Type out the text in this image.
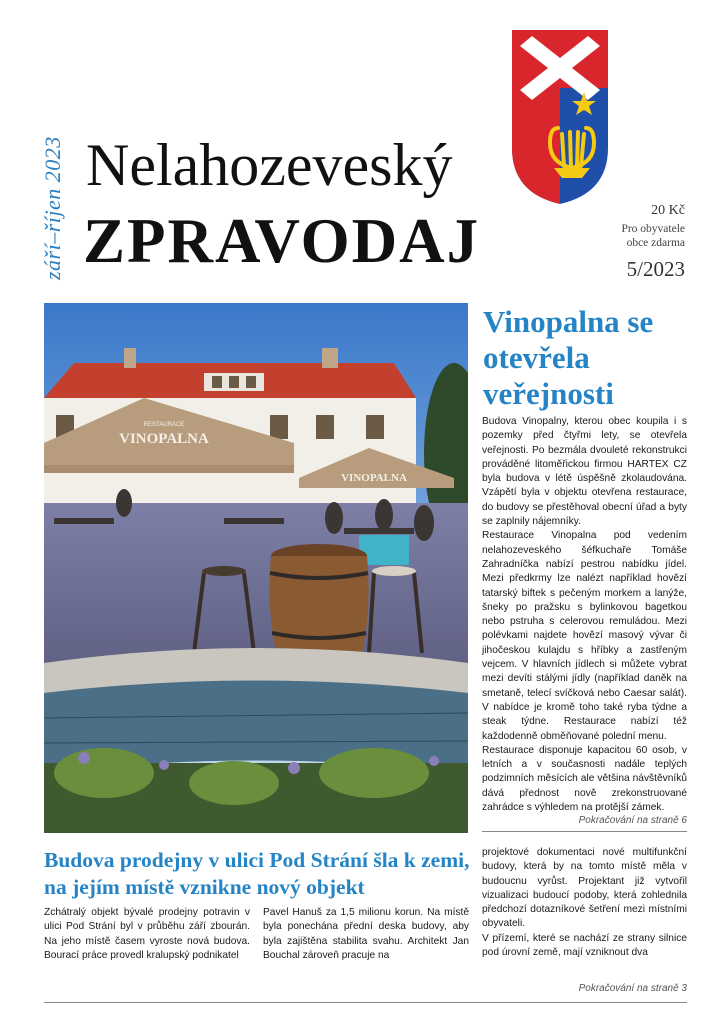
září–říjen 2023 Nelahozeveský
ZPRAVODAJ	20 Kč
Pro obyvatele
obce zdarma
5/2023
VINOPALNA
RESTAURACE
VINOPALNA
Vinopalna se otevřela veřejnosti

Budova Vinopalny, kterou obec koupila i s pozemky před čtyřmi lety, se otevřela veřejnosti. Po bezmála dvouleté rekonstrukci prováděné litoměřickou firmou HARTEX CZ byla budova v létě úspěšně zkolaudována. Vzápětí byla v objektu otevřena restaurace, do budovy se přestěhoval obecní úřad a byty se zaplnily nájemníky.

Restaurace Vinopalna pod vedením nelahozeveského šéfkuchaře Tomáše Zahradníčka nabízí pestrou nabídku jídel. Mezi předkrmy lze nalézt například hovězí tatarský biftek s pečeným morkem a lanýže, šneky po pražsku s bylinkovou bagetkou nebo pstruha s celerovou remuládou. Mezi polévkami najdete hovězí masový vývar či jihočeskou kulajdu s hříbky a zastřeným vejcem. V hlavních jídlech si můžete vybrat mezi devíti stálými jídly (například daněk na smetaně, telecí svíčková nebo Caesar salát). V nabídce je kromě toho také ryba týdne a steak týdne. Restaurace nabízí též každodenně obměňované polední menu.

Restaurace disponuje kapacitou 60 osob, v letních a v současnosti nadále teplých podzimních měsících ale většina návštěvníků dává přednost nově zrekonstruované zahrádce s výhledem na protější zámek.

Pokračování na straně 6
Budova prodejny v ulici Pod Strání šla k zemi, na jejím místě vznikne nový objekt
Zchátralý objekt bývalé prodejny potravin v ulici Pod Strání byl v průběhu září zbourán. Na jeho místě časem vyroste nová budova. Bourací práce provedl kralupský podnikatel
Pavel Hanuš za 1,5 milionu korun. Na místě byla ponechána přední deska budovy, aby byla zajištěna stabilita svahu. Architekt Jan Bouchal zároveň pracuje na

projektové dokumentaci nové multifunkční budovy, která by na tomto místě měla v budoucnu vyrůst. Projektant již vytvořil vizualizaci budoucí podoby, která zohlednila předchozí dotazníkové šetření mezi místními obyvateli.

V přízemí, které se nachází ze strany silnice pod úrovní země, mají vzniknout dva

Pokračování na straně 3
